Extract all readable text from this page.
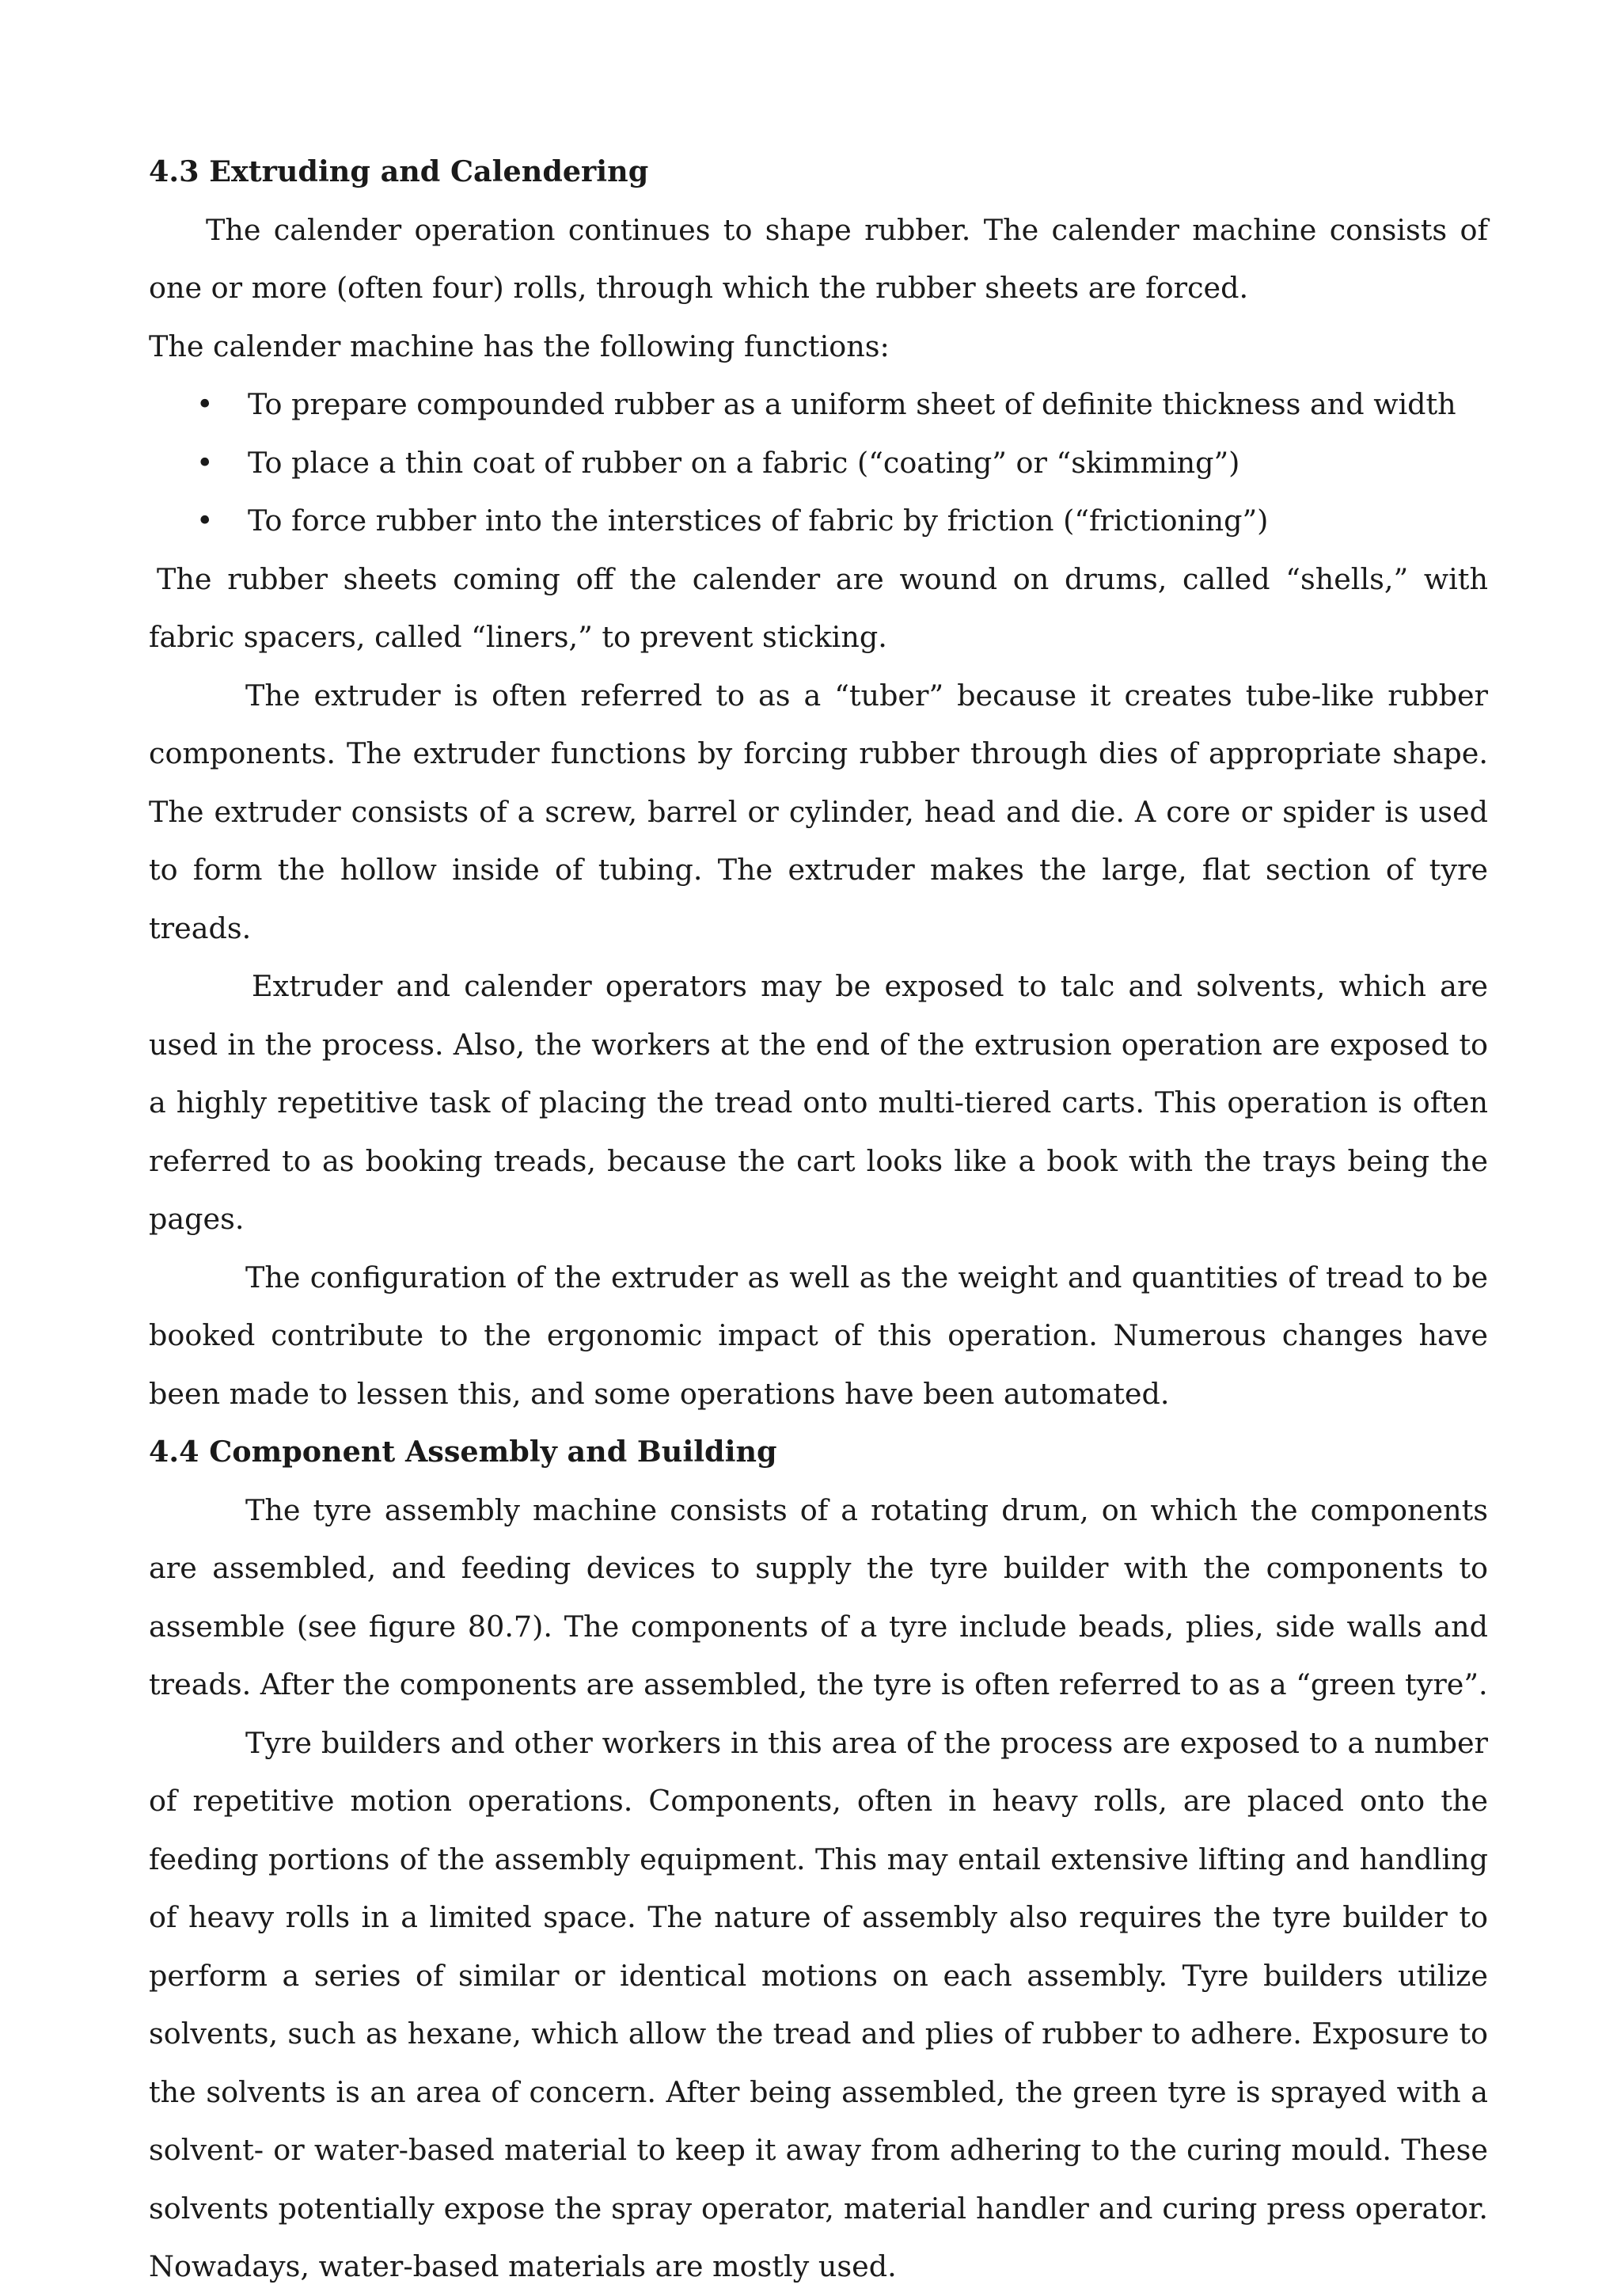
4.3 Extruding and Calendering

The calender operation continues to shape rubber. The calender machine consists of one or more (often four) rolls, through which the rubber sheets are forced.

The calender machine has the following functions:

• To prepare compounded rubber as a uniform sheet of definite thickness and width
• To place a thin coat of rubber on a fabric (“coating” or “skimming”)
• To force rubber into the interstices of fabric by friction (“frictioning”)

The rubber sheets coming off the calender are wound on drums, called “shells,” with fabric spacers, called “liners,” to prevent sticking.

The extruder is often referred to as a “tuber” because it creates tube-like rubber components. The extruder functions by forcing rubber through dies of appropriate shape. The extruder consists of a screw, barrel or cylinder, head and die. A core or spider is used to form the hollow inside of tubing. The extruder makes the large, flat section of tyre treads.

Extruder and calender operators may be exposed to talc and solvents, which are used in the process. Also, the workers at the end of the extrusion operation are exposed to a highly repetitive task of placing the tread onto multi-tiered carts. This operation is often referred to as booking treads, because the cart looks like a book with the trays being the pages.

The configuration of the extruder as well as the weight and quantities of tread to be booked contribute to the ergonomic impact of this operation. Numerous changes have been made to lessen this, and some operations have been automated.

4.4 Component Assembly and Building

The tyre assembly machine consists of a rotating drum, on which the components are assembled, and feeding devices to supply the tyre builder with the components to assemble (see figure 80.7). The components of a tyre include beads, plies, side walls and treads. After the components are assembled, the tyre is often referred to as a “green tyre”.

Tyre builders and other workers in this area of the process are exposed to a number of repetitive motion operations. Components, often in heavy rolls, are placed onto the feeding portions of the assembly equipment. This may entail extensive lifting and handling of heavy rolls in a limited space. The nature of assembly also requires the tyre builder to perform a series of similar or identical motions on each assembly. Tyre builders utilize solvents, such as hexane, which allow the tread and plies of rubber to adhere. Exposure to the solvents is an area of concern. After being assembled, the green tyre is sprayed with a solvent- or water-based material to keep it away from adhering to the curing mould. These solvents potentially expose the spray operator, material handler and curing press operator. Nowadays, water-based materials are mostly used.
